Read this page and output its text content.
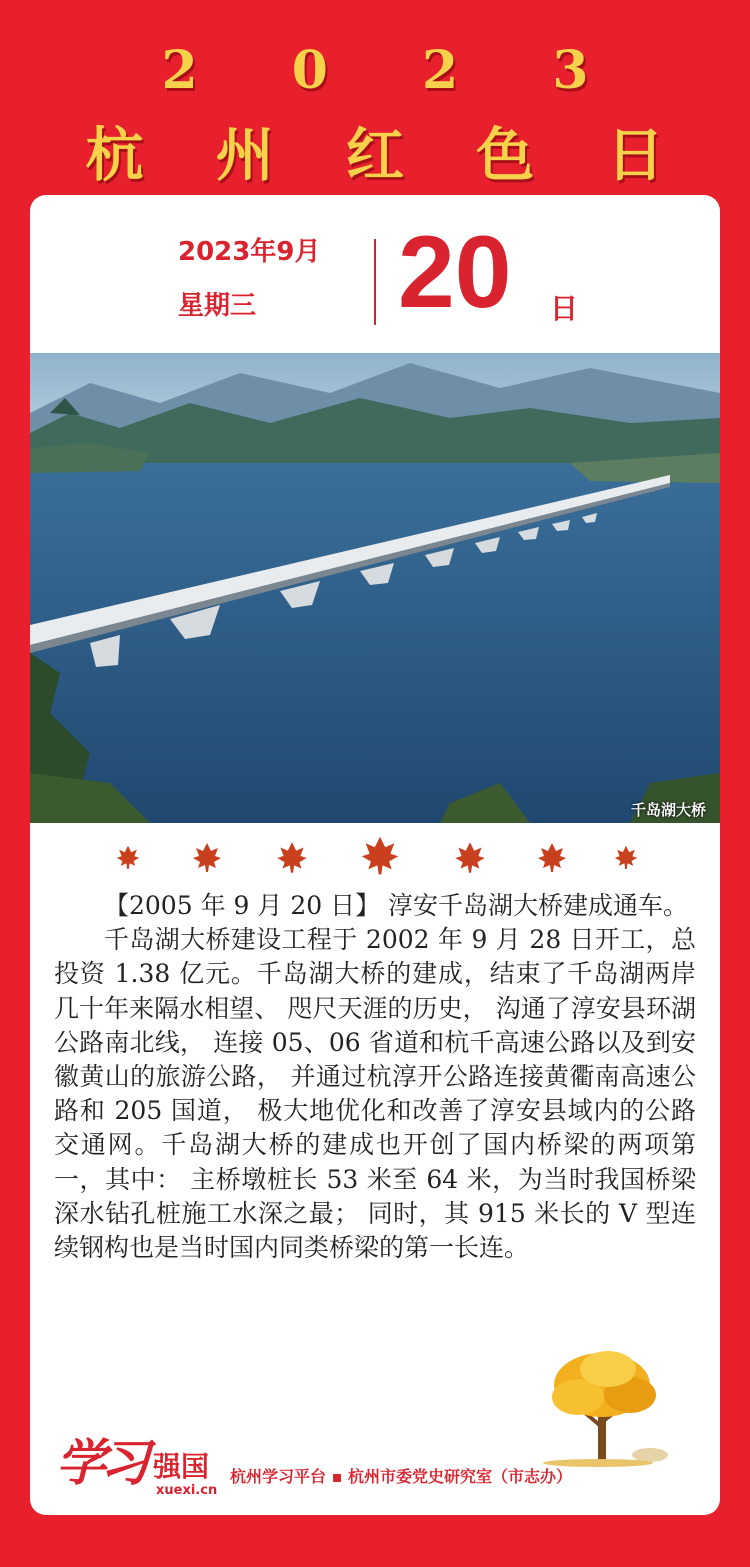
2 0 2 3
杭 州 红 色 日
2023年9月
星期三 20 日
千岛湖大桥

【2005 年 9 月 20 日】 淳安千岛湖大桥建成通车。

千岛湖大桥建设工程于 2002 年 9 月 28 日开工，总投资 1.38 亿元。千岛湖大桥的建成，结束了千岛湖两岸几十年来隔水相望、 咫尺天涯的历史， 沟通了淳安县环湖公路南北线， 连接 05、06 省道和杭千高速公路以及到安徽黄山的旅游公路， 并通过杭淳开公路连接黄衢南高速公路和 205 国道， 极大地优化和改善了淳安县域内的公路交通网。千岛湖大桥的建成也开创了国内桥梁的两项第一，其中： 主桥墩桩长 53 米至 64 米，为当时我国桥梁深水钻孔桩施工水深之最； 同时，其 915 米长的 V 型连续钢构也是当时国内同类桥梁的第一长连。

学习 强国
xuexi.cn
杭州学习平台 ▪ 杭州市委党史研究室（市志办）
